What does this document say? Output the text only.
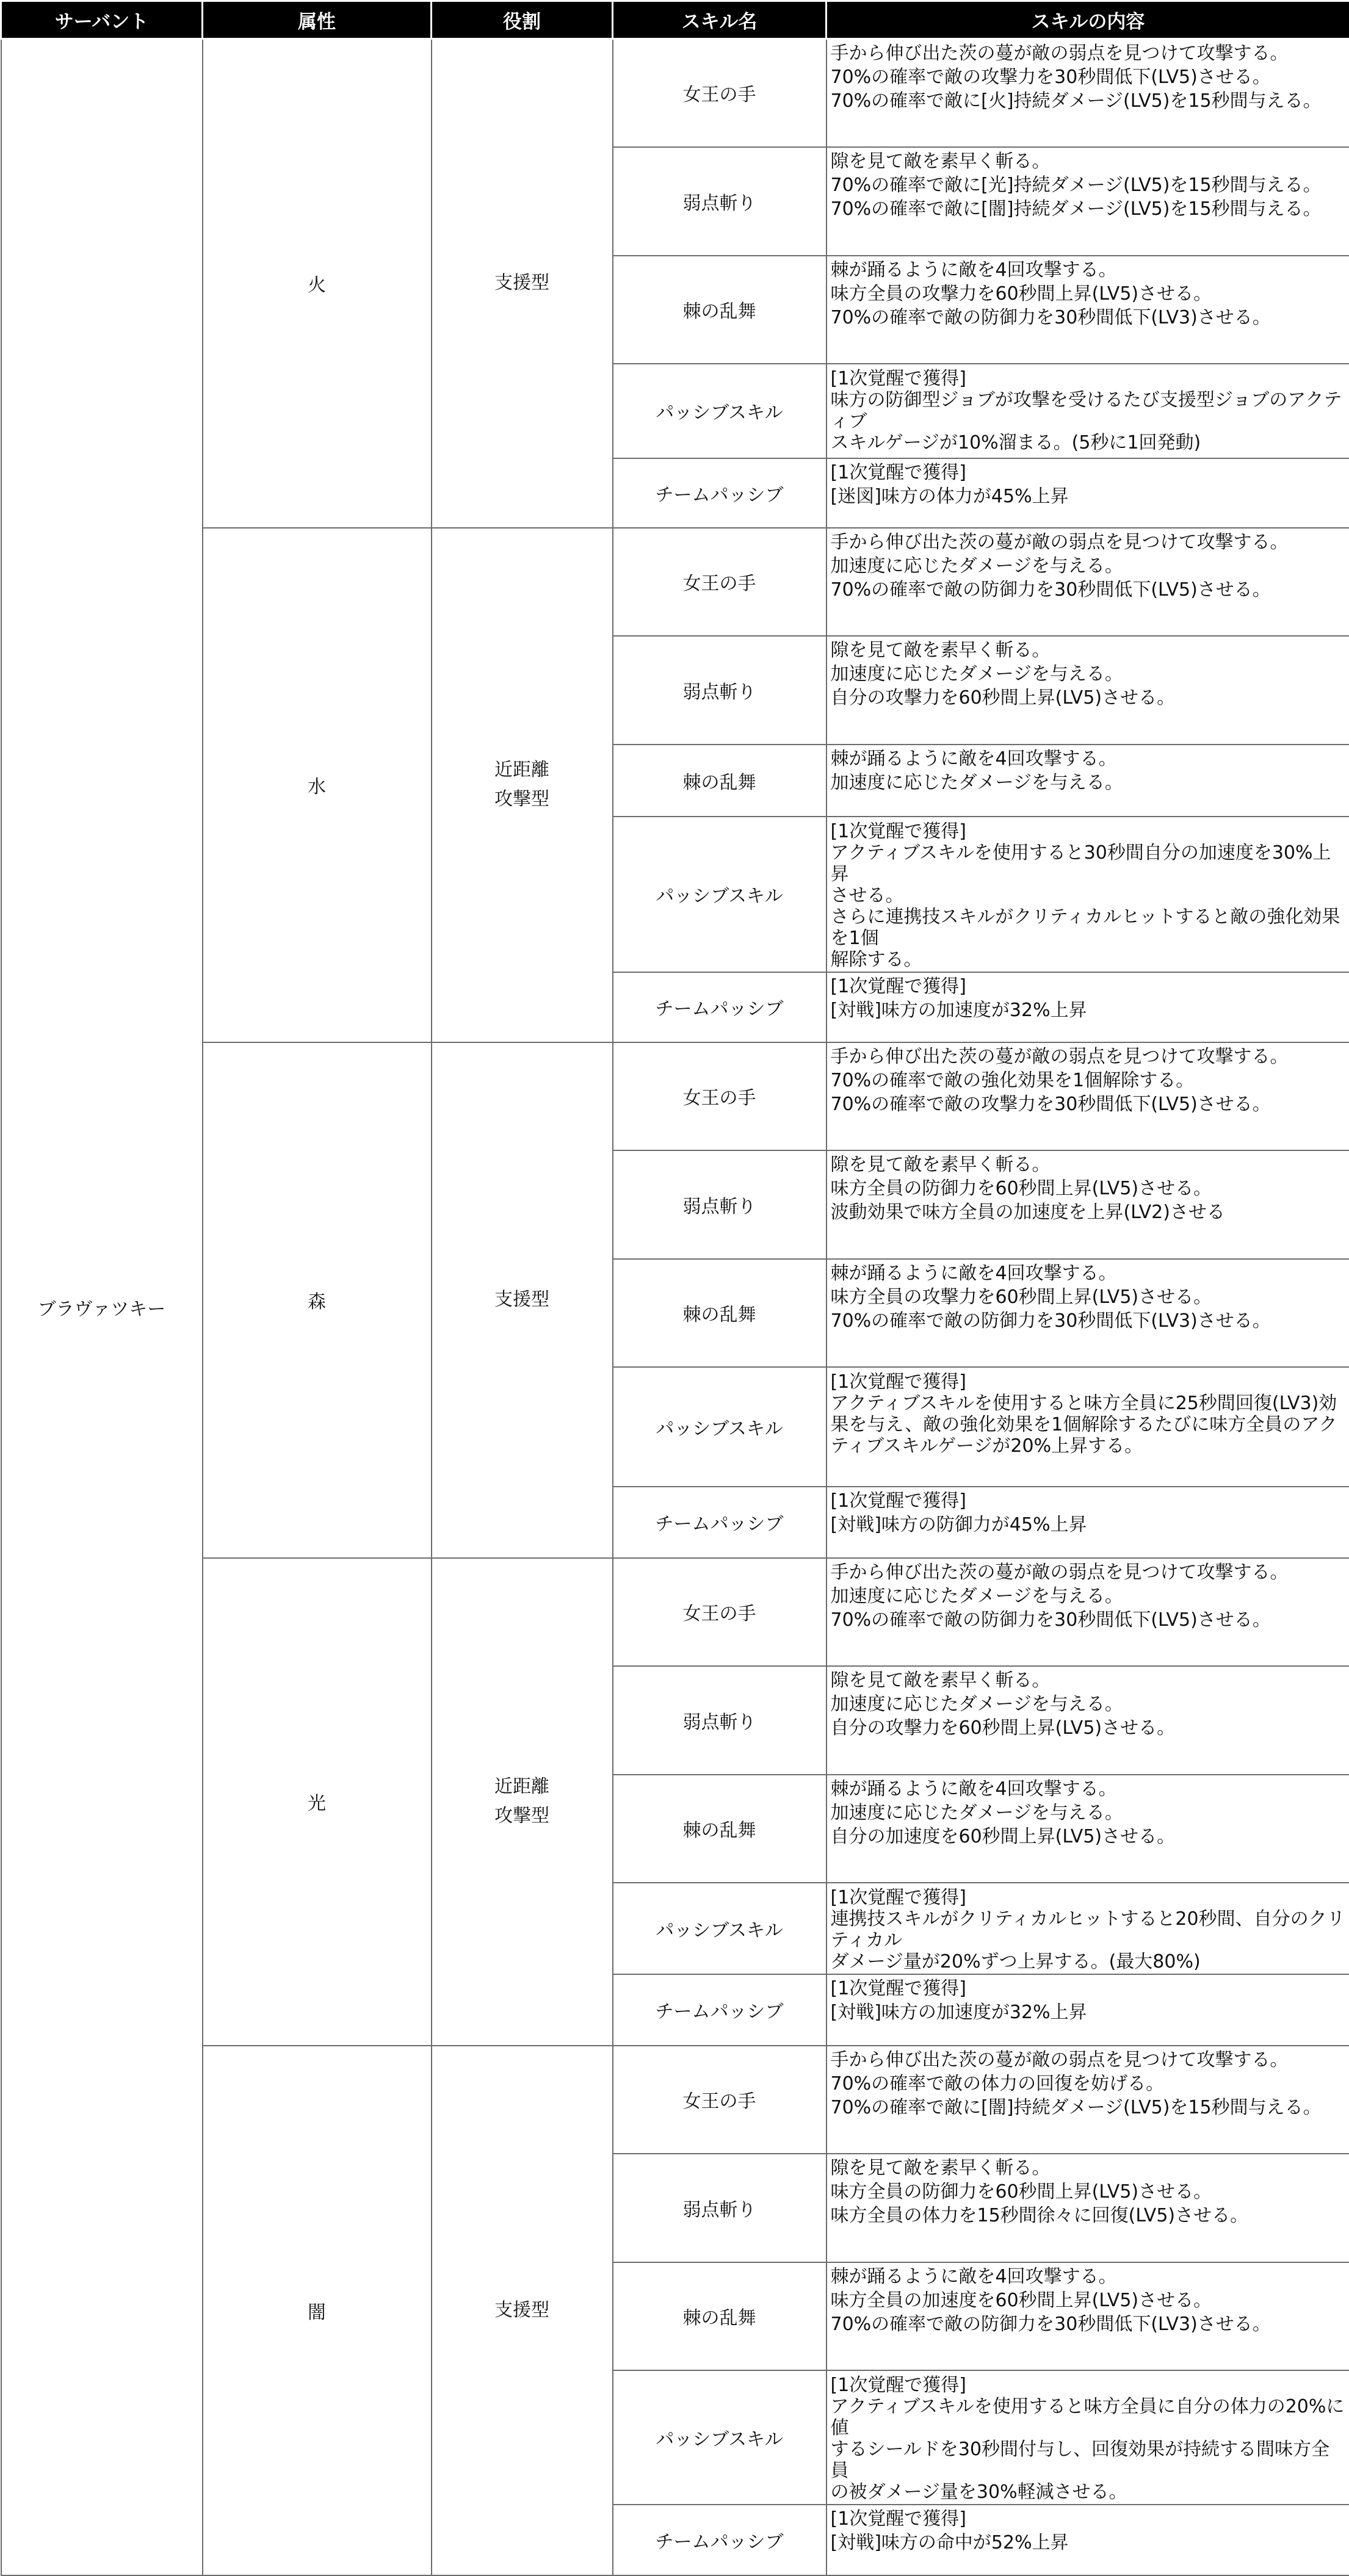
サーバント	属性	役割	スキル名	スキルの内容
ブラヴァツキー	火	支援型	女王の手	手から伸び出た茨の蔓が敵の弱点を見つけて攻撃する。
70%の確率で敵の攻撃力を30秒間低下(LV5)させる。
70%の確率で敵に[火]持続ダメージ(LV5)を15秒間与える。

			弱点斬り	隙を見て敵を素早く斬る。
70%の確率で敵に[光]持続ダメージ(LV5)を15秒間与える。
70%の確率で敵に[闇]持続ダメージ(LV5)を15秒間与える。

			棘の乱舞	棘が踊るように敵を4回攻撃する。
味方全員の攻撃力を60秒間上昇(LV5)させる。
70%の確率で敵の防御力を30秒間低下(LV3)させる。

			パッシブスキル	[1次覚醒で獲得]
味方の防御型ジョブが攻撃を受けるたび支援型ジョブのアクティブ
スキルゲージが10%溜まる。(5秒に1回発動)

			チームパッシブ	[1次覚醒で獲得]
[迷図]味方の体力が45%上昇

	水	近距離
攻撃型	女王の手	手から伸び出た茨の蔓が敵の弱点を見つけて攻撃する。
加速度に応じたダメージを与える。
70%の確率で敵の防御力を30秒間低下(LV5)させる。

			弱点斬り	隙を見て敵を素早く斬る。
加速度に応じたダメージを与える。
自分の攻撃力を60秒間上昇(LV5)させる。

			棘の乱舞	棘が踊るように敵を4回攻撃する。
加速度に応じたダメージを与える。

			パッシブスキル	[1次覚醒で獲得]
アクティブスキルを使用すると30秒間自分の加速度を30%上昇
させる。
さらに連携技スキルがクリティカルヒットすると敵の強化効果を1個
解除する。

			チームパッシブ	[1次覚醒で獲得]
[対戦]味方の加速度が32%上昇

	森	支援型	女王の手	手から伸び出た茨の蔓が敵の弱点を見つけて攻撃する。
70%の確率で敵の強化効果を1個解除する。
70%の確率で敵の攻撃力を30秒間低下(LV5)させる。

			弱点斬り	隙を見て敵を素早く斬る。
味方全員の防御力を60秒間上昇(LV5)させる。
波動効果で味方全員の加速度を上昇(LV2)させる

			棘の乱舞	棘が踊るように敵を4回攻撃する。
味方全員の攻撃力を60秒間上昇(LV5)させる。
70%の確率で敵の防御力を30秒間低下(LV3)させる。

			パッシブスキル	[1次覚醒で獲得]
アクティブスキルを使用すると味方全員に25秒間回復(LV3)効
果を与え、敵の強化効果を1個解除するたびに味方全員のアク
ティブスキルゲージが20%上昇する。

			チームパッシブ	[1次覚醒で獲得]
[対戦]味方の防御力が45%上昇

	光	近距離
攻撃型	女王の手	手から伸び出た茨の蔓が敵の弱点を見つけて攻撃する。
加速度に応じたダメージを与える。
70%の確率で敵の防御力を30秒間低下(LV5)させる。

			弱点斬り	隙を見て敵を素早く斬る。
加速度に応じたダメージを与える。
自分の攻撃力を60秒間上昇(LV5)させる。

			棘の乱舞	棘が踊るように敵を4回攻撃する。
加速度に応じたダメージを与える。
自分の加速度を60秒間上昇(LV5)させる。

			パッシブスキル	[1次覚醒で獲得]
連携技スキルがクリティカルヒットすると20秒間、自分のクリティカル
ダメージ量が20%ずつ上昇する。(最大80%)

			チームパッシブ	[1次覚醒で獲得]
[対戦]味方の加速度が32%上昇

	闇	支援型	女王の手	手から伸び出た茨の蔓が敵の弱点を見つけて攻撃する。
70%の確率で敵の体力の回復を妨げる。
70%の確率で敵に[闇]持続ダメージ(LV5)を15秒間与える。

			弱点斬り	隙を見て敵を素早く斬る。
味方全員の防御力を60秒間上昇(LV5)させる。
味方全員の体力を15秒間徐々に回復(LV5)させる。

			棘の乱舞	棘が踊るように敵を4回攻撃する。
味方全員の加速度を60秒間上昇(LV5)させる。
70%の確率で敵の防御力を30秒間低下(LV3)させる。

			パッシブスキル	[1次覚醒で獲得]
アクティブスキルを使用すると味方全員に自分の体力の20%に値
するシールドを30秒間付与し、回復効果が持続する間味方全員
の被ダメージ量を30%軽減させる。

			チームパッシブ	[1次覚醒で獲得]
[対戦]味方の命中が52%上昇
